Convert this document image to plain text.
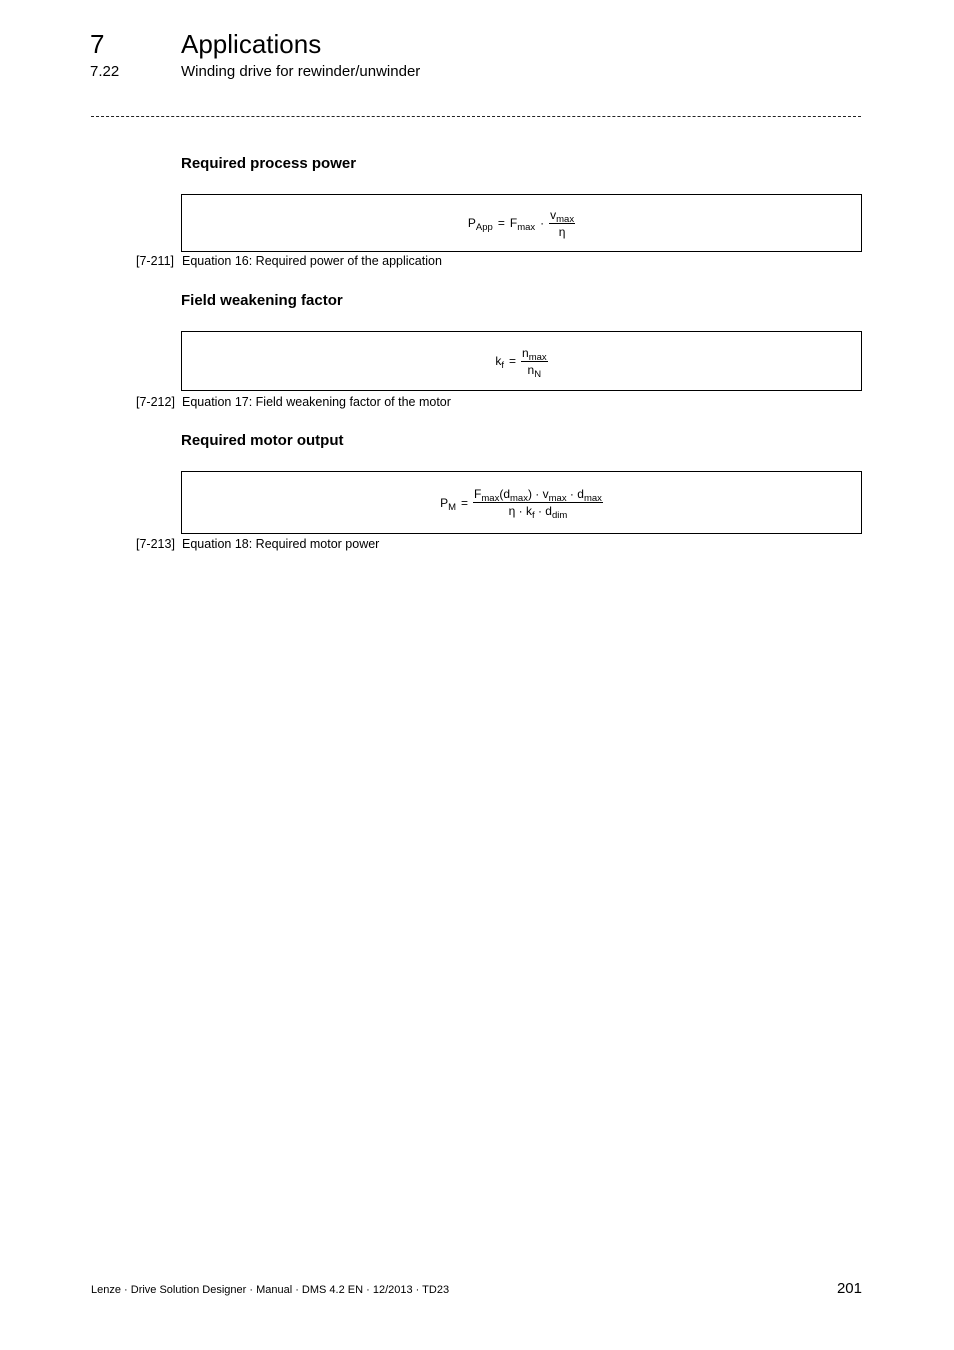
7	Applications
7.22	Winding drive for rewinder/unwinder
Required process power
$P_{App} = F_{max} \cdot \frac{v_{max}}{\eta}$
[7-211] Equation 16: Required power of the application
Field weakening factor
$k_f = \frac{n_{max}}{n_N}$
[7-212] Equation 17: Field weakening factor of the motor
Required motor output
$P_M = \frac{F_{max}(d_{max}) \cdot v_{max} \cdot d_{max}}{\eta \cdot k_f \cdot d_{dim}}$
[7-213] Equation 18: Required motor power
Lenze · Drive Solution Designer · Manual · DMS 4.2 EN · 12/2013 · TD23	201
